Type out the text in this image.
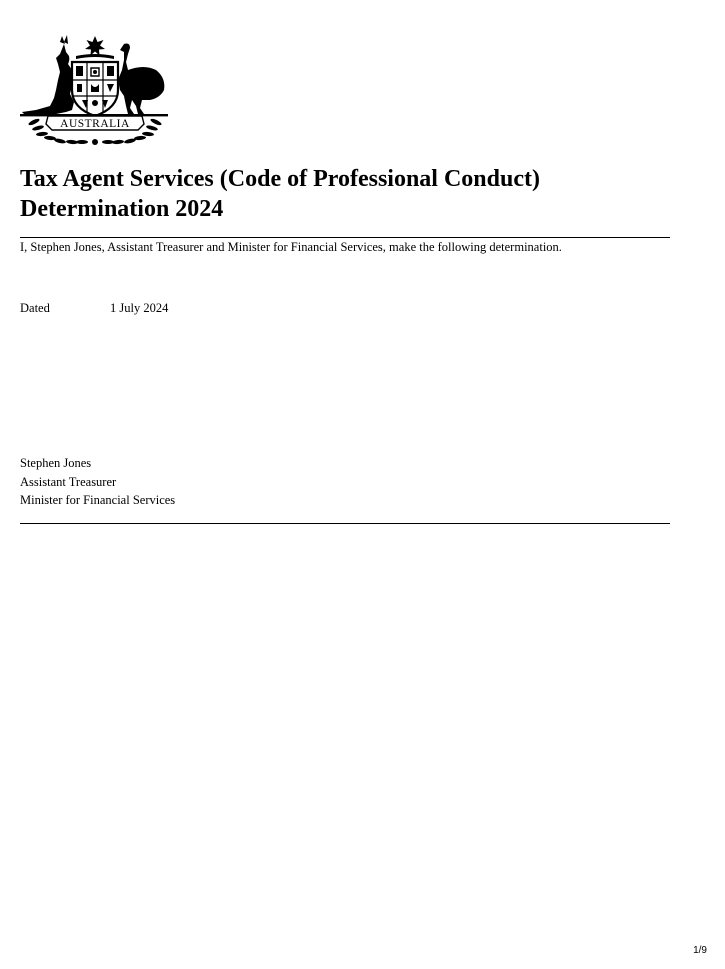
AUSTRALIA
Tax Agent Services (Code of Professional Conduct)
Determination 2024
I, Stephen Jones, Assistant Treasurer and Minister for Financial Services, make the following determination.
Dated	1 July 2024
Stephen Jones
Assistant Treasurer
Minister for Financial Services
1/9
